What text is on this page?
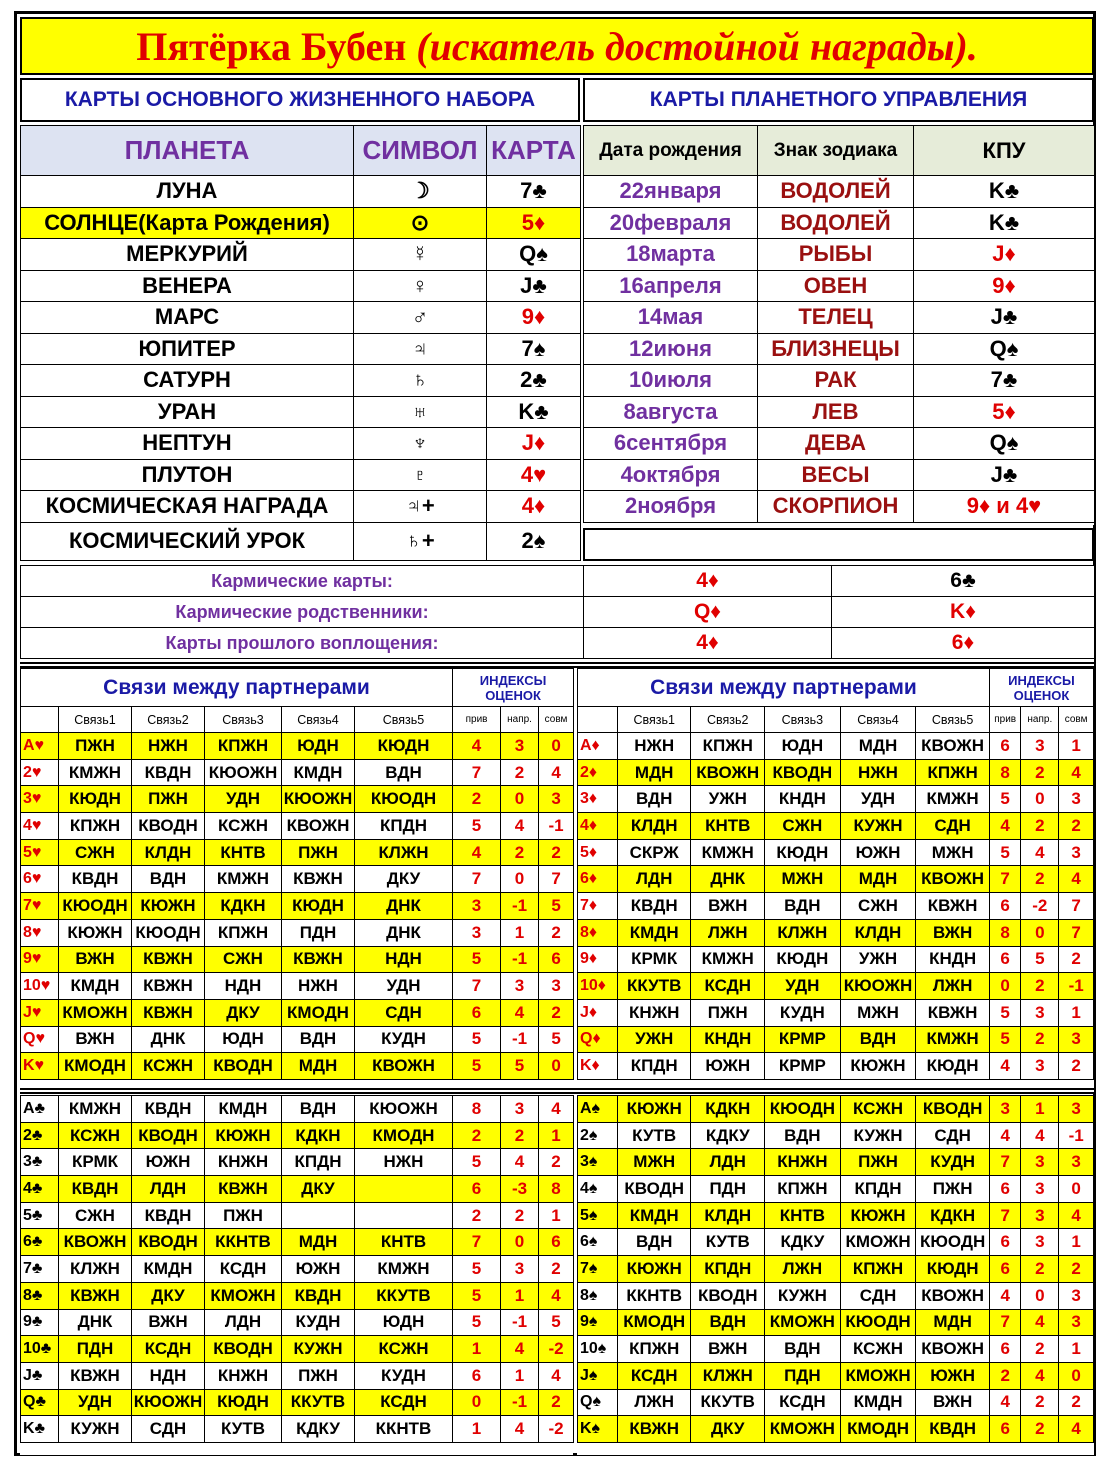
Пятёрка Бубен
(искатель достойной награды).
КАРТЫ ОСНОВНОГО ЖИЗНЕННОГО НАБОРА	КАРТЫ ПЛАНЕТНОГО УПРАВЛЕНИЯ
ПЛАНЕТА	СИМВОЛ	КАРТА
ЛУНА	☽	7♣
СОЛНЦЕ(Карта Рождения)	⊙	5♦
МЕРКУРИЙ	☿	Q♠
ВЕНЕРА	♀	J♣
МАРС	♂	9♦
ЮПИТЕР	♃	7♠
САТУРН	♄	2♣
УРАН	♅	K♣
НЕПТУН	♆	J♦
ПЛУТОН	♇	4♥
КОСМИЧЕСКАЯ НАГРАДА	♃+	4♦
КОСМИЧЕСКИЙ УРОК	♄+	2♠
Дата рождения	Знак зодиака	КПУ
22января	ВОДОЛЕЙ	K♣
20февраля	ВОДОЛЕЙ	K♣
18марта	РЫБЫ	J♦
16апреля	ОВЕН	9♦
14мая	ТЕЛЕЦ	J♣
12июня	БЛИЗНЕЦЫ	Q♠
10июля	РАК	7♣
8августа	ЛЕВ	5♦
6сентября	ДЕВА	Q♠
4октября	ВЕСЫ	J♣
2ноября	СКОРПИОН	9♦ и 4♥
Кармические карты:	4♦	6♣
Кармические родственники:	Q♦	K♦
Карты прошлого воплощения:	4♦	6♦
Связи между партнерами						ИНДЕКСЫ ОЦЕНОК		
	Связь1	Связь2	Связь3	Связь4	Связь5	прив	напр.	совм
A♥	ПЖН	НЖН	КПЖН	ЮДН	КЮДН	4	3	0
2♥	КМЖН	КВДН	КЮОЖН	КМДН	ВДН	7	2	4
3♥	КЮДН	ПЖН	УДН	КЮОЖН	КЮОДН	2	0	3
4♥	КПЖН	КВОДН	КСЖН	КВОЖН	КПДН	5	4	-1
5♥	СЖН	КЛДН	КНТВ	ПЖН	КЛЖН	4	2	2
6♥	КВДН	ВДН	КМЖН	КВЖН	ДКУ	7	0	7
7♥	КЮОДН	КЮЖН	КДКН	КЮДН	ДНК	3	-1	5
8♥	КЮЖН	КЮОДН	КПЖН	ПДН	ДНК	3	1	2
9♥	ВЖН	КВЖН	СЖН	КВЖН	НДН	5	-1	6
10♥	КМДН	КВЖН	НДН	НЖН	УДН	7	3	3
J♥	КМОЖН	КВЖН	ДКУ	КМОДН	СДН	6	4	2
Q♥	ВЖН	ДНК	ЮДН	ВДН	КУДН	5	-1	5
K♥	КМОДН	КСЖН	КВОДН	МДН	КВОЖН	5	5	0
Связи между партнерами						ИНДЕКСЫ ОЦЕНОК		
	Связь1	Связь2	Связь3	Связь4	Связь5	прив	напр.	совм
A♦	НЖН	КПЖН	ЮДН	МДН	КВОЖН	6	3	1
2♦	МДН	КВОЖН	КВОДН	НЖН	КПЖН	8	2	4
3♦	ВДН	УЖН	КНДН	УДН	КМЖН	5	0	3
4♦	КЛДН	КНТВ	СЖН	КУЖН	СДН	4	2	2
5♦	СКРЖ	КМЖН	КЮДН	ЮЖН	МЖН	5	4	3
6♦	ЛДН	ДНК	МЖН	МДН	КВОЖН	7	2	4
7♦	КВДН	ВЖН	ВДН	СЖН	КВЖН	6	-2	7
8♦	КМДН	ЛЖН	КЛЖН	КЛДН	ВЖН	8	0	7
9♦	КРМК	КМЖН	КЮДН	УЖН	КНДН	6	5	2
10♦	ККУТВ	КСДН	УДН	КЮОЖН	ЛЖН	0	2	-1
J♦	КНЖН	ПЖН	КУДН	МЖН	КВЖН	5	3	1
Q♦	УЖН	КНДН	КРМР	ВДН	КМЖН	5	2	3
K♦	КПДН	ЮЖН	КРМР	КЮЖН	КЮДН	4	3	2
A♣	КМЖН	КВДН	КМДН	ВДН	КЮОЖН	8	3	4
2♣	КСЖН	КВОДН	КЮЖН	КДКН	КМОДН	2	2	1
3♣	КРМК	ЮЖН	КНЖН	КПДН	НЖН	5	4	2
4♣	КВДН	ЛДН	КВЖН	ДКУ		6	-3	8
5♣	СЖН	КВДН	ПЖН			2	2	1
6♣	КВОЖН	КВОДН	ККНТВ	МДН	КНТВ	7	0	6
7♣	КЛЖН	КМДН	КСДН	ЮЖН	КМЖН	5	3	2
8♣	КВЖН	ДКУ	КМОЖН	КВДН	ККУТВ	5	1	4
9♣	ДНК	ВЖН	ЛДН	КУДН	ЮДН	5	-1	5
10♣	ПДН	КСДН	КВОДН	КУЖН	КСЖН	1	4	-2
J♣	КВЖН	НДН	КНЖН	ПЖН	КУДН	6	1	4
Q♣	УДН	КЮОЖН	КЮДН	ККУТВ	КСДН	0	-1	2
K♣	КУЖН	СДН	КУТВ	КДКУ	ККНТВ	1	4	-2
A♠	КЮЖН	КДКН	КЮОДН	КСЖН	КВОДН	3	1	3
2♠	КУТВ	КДКУ	ВДН	КУЖН	СДН	4	4	-1
3♠	МЖН	ЛДН	КНЖН	ПЖН	КУДН	7	3	3
4♠	КВОДН	ПДН	КПЖН	КПДН	ПЖН	6	3	0
5♠	КМДН	КЛДН	КНТВ	КЮЖН	КДКН	7	3	4
6♠	ВДН	КУТВ	КДКУ	КМОЖН	КЮОДН	6	3	1
7♠	КЮЖН	КПДН	ЛЖН	КПЖН	КЮДН	6	2	2
8♠	ККНТВ	КВОДН	КУЖН	СДН	КВОЖН	4	0	3
9♠	КМОДН	ВДН	КМОЖН	КЮОДН	МДН	7	4	3
10♠	КПЖН	ВЖН	ВДН	КСЖН	КВОЖН	6	2	1
J♠	КСДН	КЛЖН	ПДН	КМОЖН	ЮЖН	2	4	0
Q♠	ЛЖН	ККУТВ	КСДН	КМДН	ВЖН	4	2	2
K♠	КВЖН	ДКУ	КМОЖН	КМОДН	КВДН	6	2	4
